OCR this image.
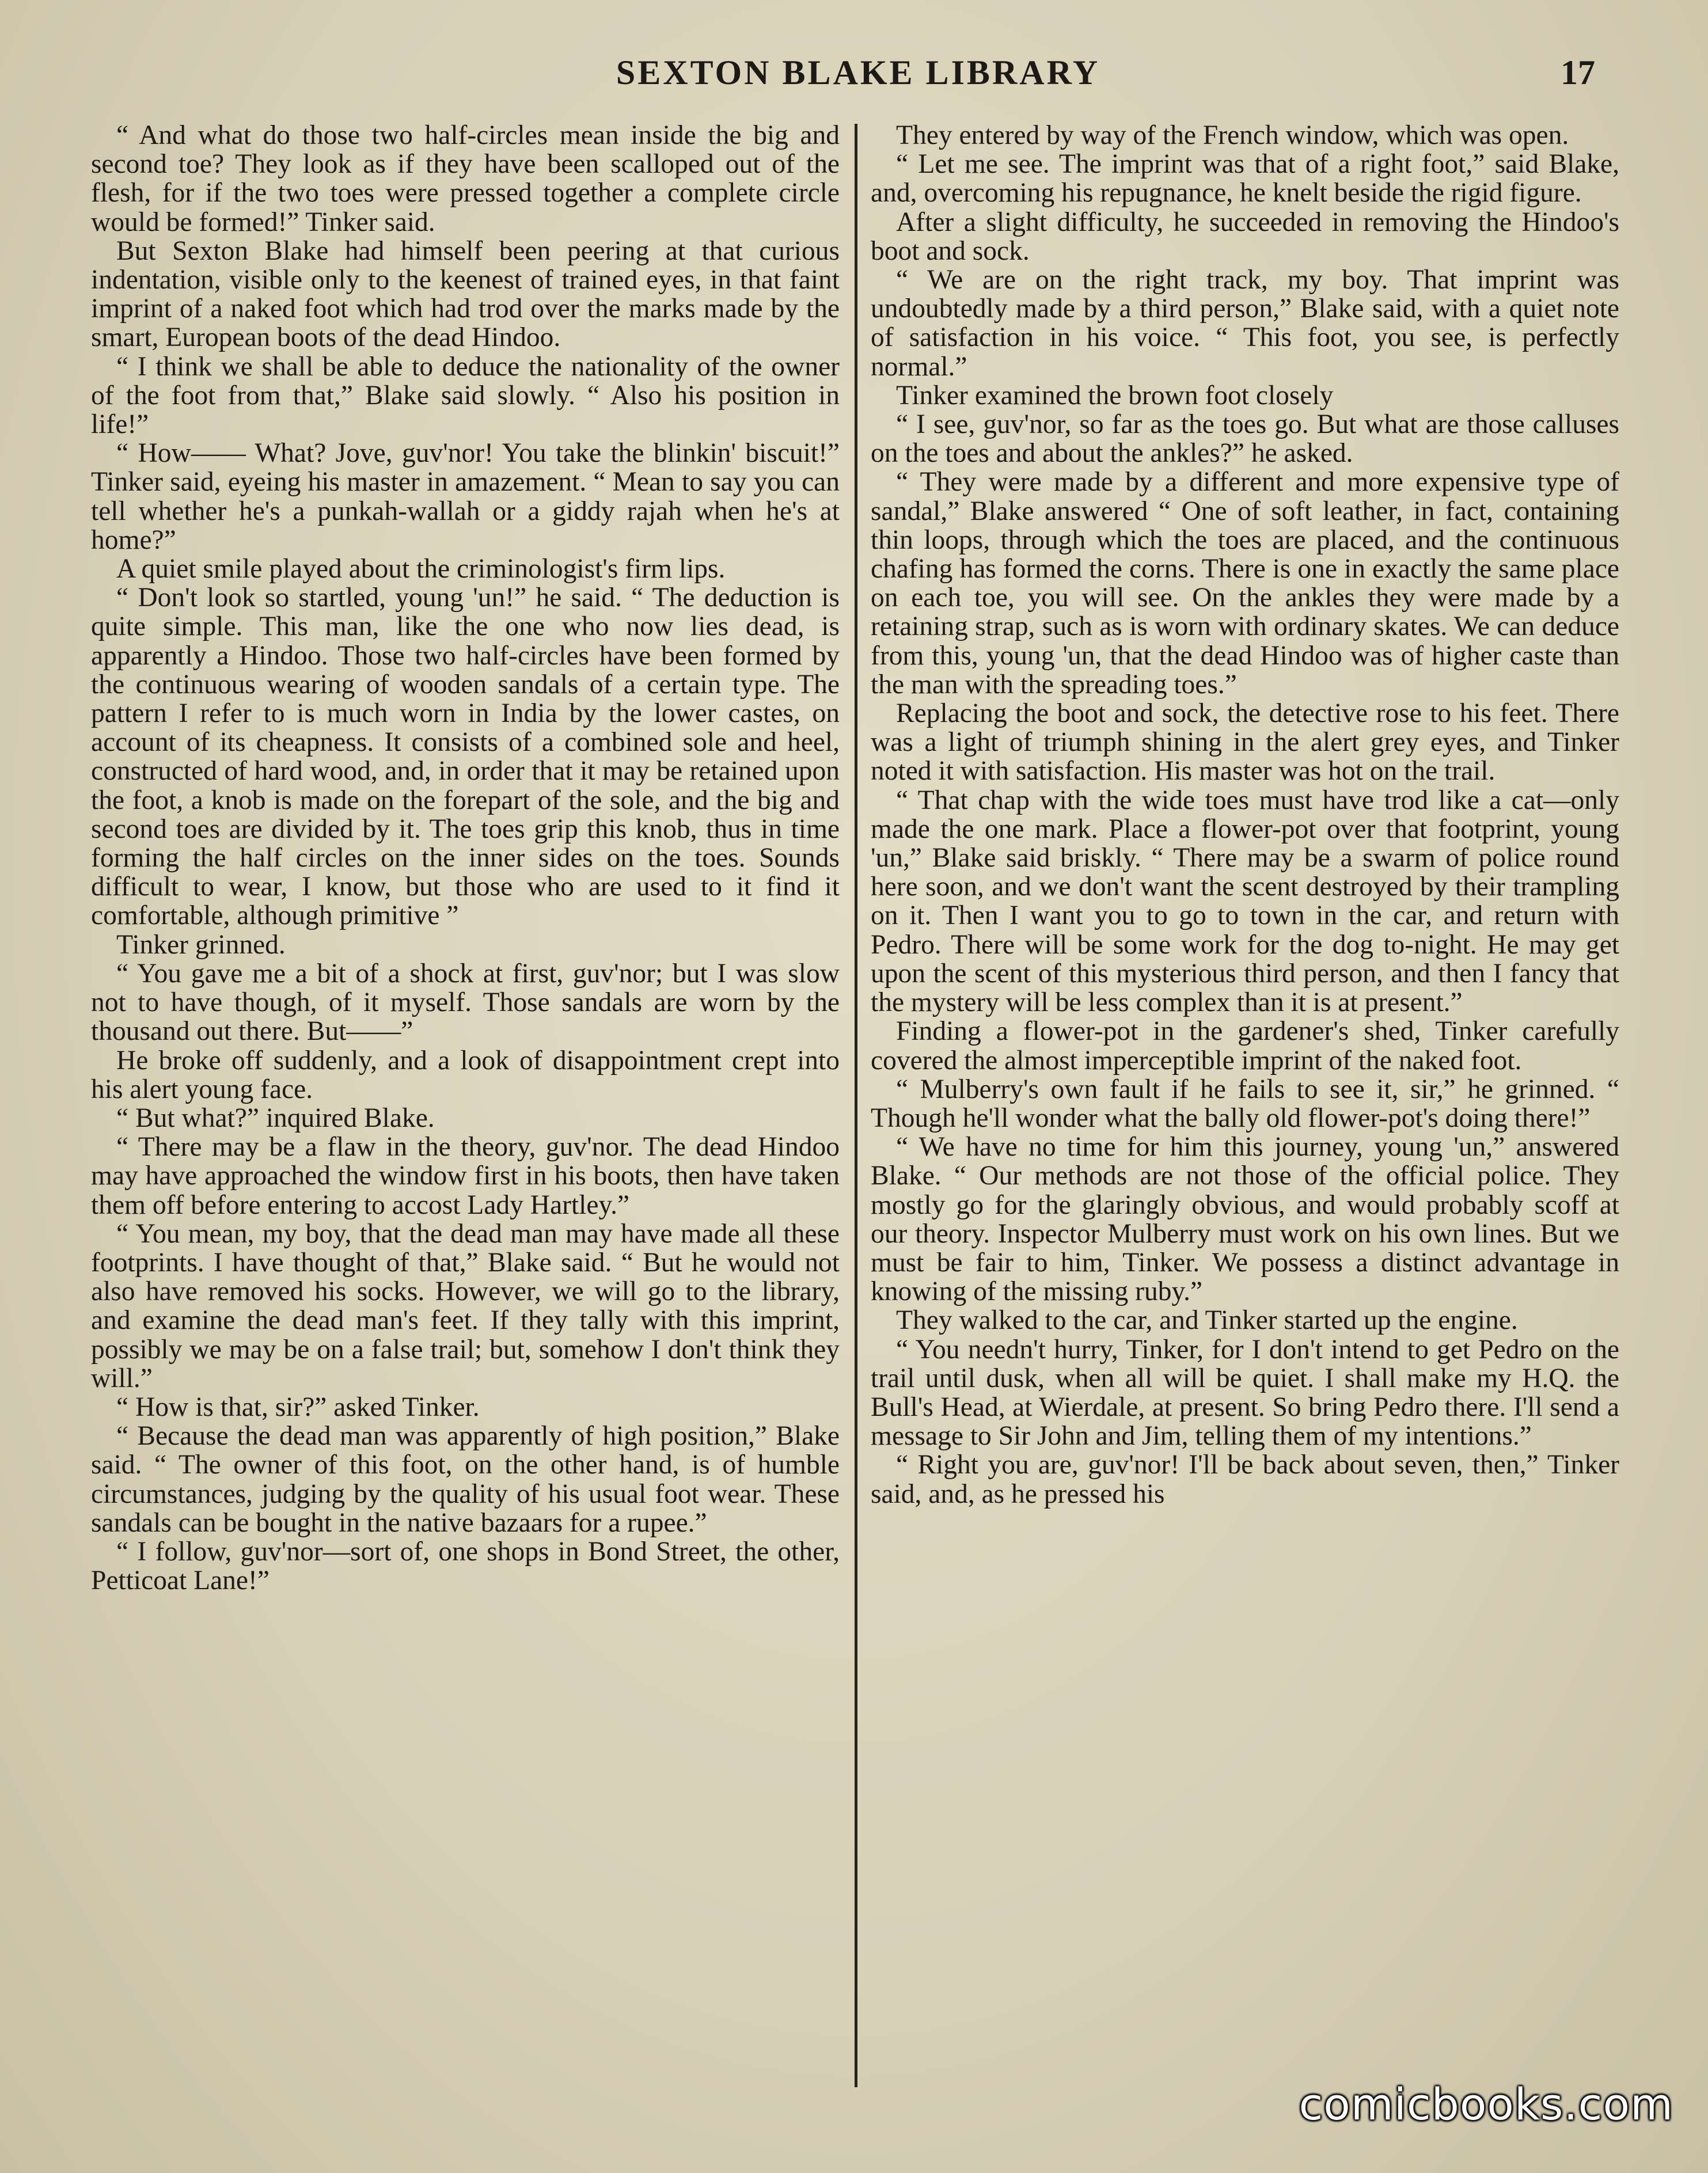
SEXTON BLAKE LIBRARY	17

“ And what do those two half-circles mean inside the big and second toe? They look as if they have been scalloped out of the flesh, for if the two toes were pressed together a complete circle would be formed!” Tinker said.

But Sexton Blake had himself been peering at that curious indentation, visible only to the keenest of trained eyes, in that faint imprint of a naked foot which had trod over the marks made by the smart, European boots of the dead Hindoo.

“ I think we shall be able to deduce the nationality of the owner of the foot from that,” Blake said slowly. “ Also his position in life!”

“ How—— What? Jove, guv'nor! You take the blinkin' biscuit!” Tinker said, eyeing his master in amazement. “ Mean to say you can tell whether he's a punkah-wallah or a giddy rajah when he's at home?”

A quiet smile played about the criminologist's firm lips.

“ Don't look so startled, young 'un!” he said. “ The deduction is quite simple. This man, like the one who now lies dead, is apparently a Hindoo. Those two half-circles have been formed by the continuous wearing of wooden sandals of a certain type. The pattern I refer to is much worn in India by the lower castes, on account of its cheapness. It consists of a combined sole and heel, constructed of hard wood, and, in order that it may be retained upon the foot, a knob is made on the forepart of the sole, and the big and second toes are divided by it. The toes grip this knob, thus in time forming the half circles on the inner sides on the toes. Sounds difficult to wear, I know, but those who are used to it find it comfortable, although primitive ”

Tinker grinned.

“ You gave me a bit of a shock at first, guv'nor; but I was slow not to have though, of it myself. Those sandals are worn by the thousand out there. But——”

He broke off suddenly, and a look of disappointment crept into his alert young face.

“ But what?” inquired Blake.

“ There may be a flaw in the theory, guv'nor. The dead Hindoo may have approached the window first in his boots, then have taken them off before entering to accost Lady Hartley.”

“ You mean, my boy, that the dead man may have made all these footprints. I have thought of that,” Blake said. “ But he would not also have removed his socks. However, we will go to the library, and examine the dead man's feet. If they tally with this imprint, possibly we may be on a false trail; but, somehow I don't think they will.”

“ How is that, sir?” asked Tinker.

“ Because the dead man was apparently of high position,” Blake said. “ The owner of this foot, on the other hand, is of humble circumstances, judging by the quality of his usual foot wear. These sandals can be bought in the native bazaars for a rupee.”

“ I follow, guv'nor—sort of, one shops in Bond Street, the other, Petticoat Lane!”

They entered by way of the French window, which was open.

“ Let me see. The imprint was that of a right foot,” said Blake, and, overcoming his repugnance, he knelt beside the rigid figure.

After a slight difficulty, he succeeded in removing the Hindoo's boot and sock.

“ We are on the right track, my boy. That imprint was undoubtedly made by a third person,” Blake said, with a quiet note of satisfaction in his voice. “ This foot, you see, is perfectly normal.”

Tinker examined the brown foot closely

“ I see, guv'nor, so far as the toes go. But what are those calluses on the toes and about the ankles?” he asked.

“ They were made by a different and more expensive type of sandal,” Blake answered “ One of soft leather, in fact, containing thin loops, through which the toes are placed, and the continuous chafing has formed the corns. There is one in exactly the same place on each toe, you will see. On the ankles they were made by a retaining strap, such as is worn with ordinary skates. We can deduce from this, young 'un, that the dead Hindoo was of higher caste than the man with the spreading toes.”

Replacing the boot and sock, the detective rose to his feet. There was a light of triumph shining in the alert grey eyes, and Tinker noted it with satisfaction. His master was hot on the trail.

“ That chap with the wide toes must have trod like a cat—only made the one mark. Place a flower-pot over that footprint, young 'un,” Blake said briskly. “ There may be a swarm of police round here soon, and we don't want the scent destroyed by their trampling on it. Then I want you to go to town in the car, and return with Pedro. There will be some work for the dog to-night. He may get upon the scent of this mysterious third person, and then I fancy that the mystery will be less complex than it is at present.”

Finding a flower-pot in the gardener's shed, Tinker carefully covered the almost imperceptible imprint of the naked foot.

“ Mulberry's own fault if he fails to see it, sir,” he grinned. “ Though he'll wonder what the bally old flower-pot's doing there!”

“ We have no time for him this journey, young 'un,” answered Blake. “ Our methods are not those of the official police. They mostly go for the glaringly obvious, and would probably scoff at our theory. Inspector Mulberry must work on his own lines. But we must be fair to him, Tinker. We possess a distinct advantage in knowing of the missing ruby.”

They walked to the car, and Tinker started up the engine.

“ You needn't hurry, Tinker, for I don't intend to get Pedro on the trail until dusk, when all will be quiet. I shall make my H.Q. the Bull's Head, at Wierdale, at present. So bring Pedro there. I'll send a message to Sir John and Jim, telling them of my intentions.”

“ Right you are, guv'nor! I'll be back about seven, then,” Tinker said, and, as he pressed his

comicbooks.com
